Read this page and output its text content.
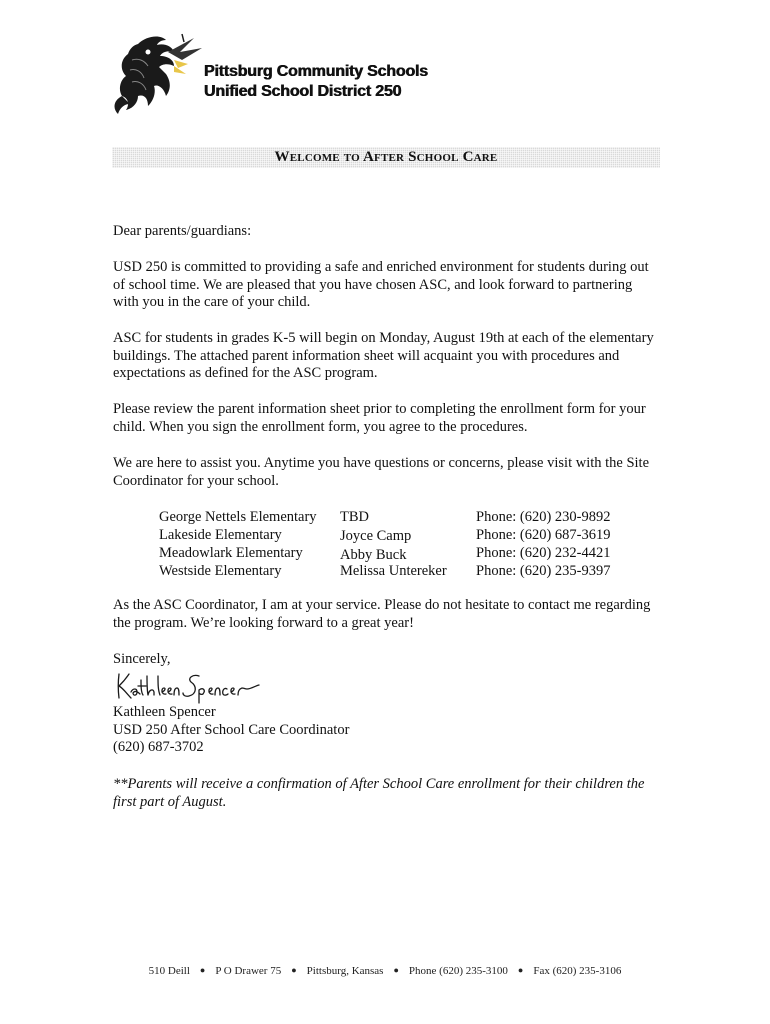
Pittsburg Community Schools
Unified School District 250
Welcome to After School Care
Dear parents/guardians:
USD 250 is committed to providing a safe and enriched environment for students during out of school time. We are pleased that you have chosen ASC, and look forward to partnering with you in the care of your child.
ASC for students in grades K-5 will begin on Monday, August 19th at each of the elementary buildings. The attached parent information sheet will acquaint you with procedures and expectations as defined for the ASC program.
Please review the parent information sheet prior to completing the enrollment form for your child. When you sign the enrollment form, you agree to the procedures.
We are here to assist you. Anytime you have questions or concerns, please visit with the Site Coordinator for your school.
George Nettels Elementary TBD	Phone: (620) 230-9892
Lakeside Elementary	Joyce Camp	Phone: (620) 687-3619
Meadowlark Elementary	Abby Buck	Phone: (620) 232-4421
Westside Elementary	Melissa Untereker Phone: (620) 235-9397
As the ASC Coordinator, I am at your service. Please do not hesitate to contact me regarding the program. We’re looking forward to a great year!
Sincerely,
Kathleen Spencer
USD 250 After School Care Coordinator
(620) 687-3702
**Parents will receive a confirmation of After School Care enrollment for their children the first part of August.
510 Deill ● P O Drawer 75 ● Pittsburg, Kansas ● Phone (620) 235-3100 ● Fax (620) 235-3106
